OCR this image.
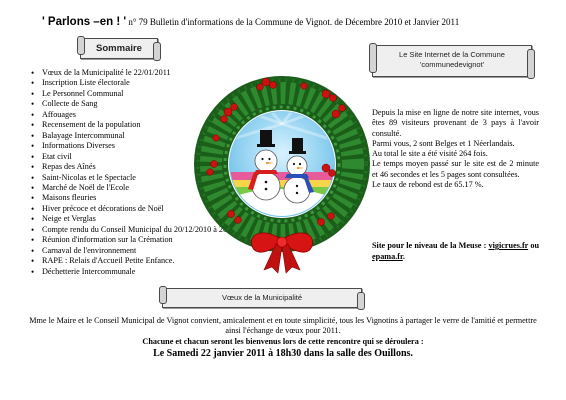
' Parlons –en ! ' n° 79 Bulletin d'informations de la Commune de Vignot. de Décembre 2010 et Janvier 2011
Sommaire
• Vœux de la Municipalité le 22/01/2011
• Inscription Liste électorale
• Le Personnel Communal
• Collecte de Sang
• Affouages
• Recensement de la population
• Balayage Intercommunal
• Informations Diverses
• Etat civil
• Repas des Aînés
• Saint-Nicolas et le Spectacle
• Marché de Noël de l'Ecole
• Maisons fleuries
• Hiver précoce et décorations de Noël
• Neige et Verglas
• Compte rendu du Conseil Municipal du 20/12/2010 à 20h30
• Réunion d'information sur la Crémation
• Carnaval de l'environnement
• RAPE : Relais d'Accueil Petite Enfance.
• Déchetterie Intercommunale
Le Site Internet de la Commune
'communedevignot'

Depuis la mise en ligne de notre site internet, vous êtes 89 visiteurs provenant de 3 pays à l'avoir consulté.

Parmi vous, 2 sont Belges et 1 Néerlandais.

Au total le site a été visité 264 fois.

Le temps moyen passé sur le site est de 2 minute et 46 secondes et les 5 pages sont consultées.

Le taux de rebond est de 65.17 %.

Site pour le niveau de la Meuse : vigicrues.fr ou epama.fr.
Vœux de la Municipalité
Mme le Maire et le Conseil Municipal de Vignot convient, amicalement et en toute simplicité, tous les Vignotins à partager le verre de l'amitié et permettre ainsi l'échange de vœux pour 2011.
Chacune et chacun seront les bienvenus lors de cette rencontre qui se déroulera :
Le Samedi 22 janvier 2011 à 18h30 dans la salle des Ouillons.
